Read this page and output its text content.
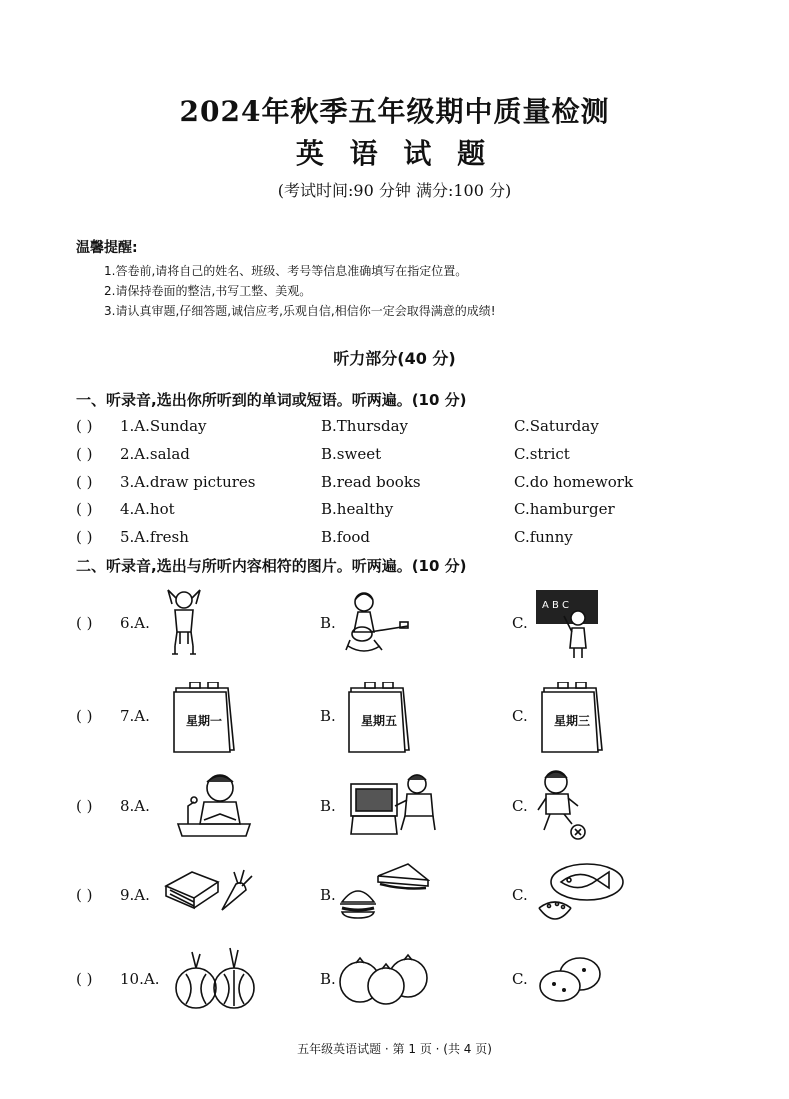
2024年秋季五年级期中质量检测
英 语 试 题
(考试时间:90 分钟 满分:100 分)
温馨提醒:
1.答卷前,请将自己的姓名、班级、考号等信息准确填写在指定位置。
2.请保持卷面的整洁,书写工整、美观。
3.请认真审题,仔细答题,诚信应考,乐观自信,相信你一定会取得满意的成绩!
听力部分(40 分)
一、听录音,选出你所听到的单词或短语。听两遍。(10 分)
( ) 1.A.Sunday	B.Thursday	C.Saturday
( ) 2.A.salad	B.sweet	C.strict
( ) 3.A.draw pictures	B.read books	C.do homework
( ) 4.A.hot	B.healthy	C.hamburger
( ) 5.A.fresh	B.food	C.funny
二、听录音,选出与所听内容相符的图片。听两遍。(10 分)
( ) 6.A.	B.	C.
A B C
( ) 7.A.	B.	C.
星期一	星期五	星期三
( ) 8.A.	B.	C.
( ) 9.A.	B.	C.
( ) 10.A.	B.	C.
五年级英语试题 · 第 1 页 · (共 4 页)
